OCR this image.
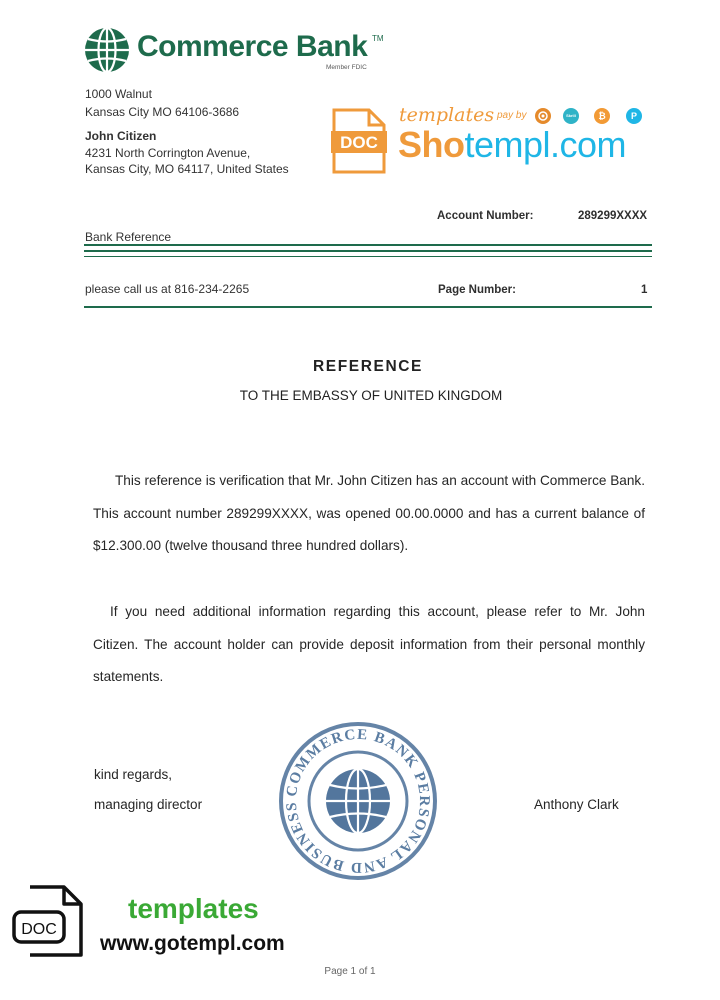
Commerce Bank TM
Member FDIC
1000 Walnut
Kansas City MO 64106-3686
John Citizen
4231 North Corrington Avenue,
Kansas City, MO 64117, United States
DOC
templates pay by	Skrill	₿	P
Shotempl.com
Account Number:	289299XXXX
Bank Reference
please call us at 816-234-2265	Page Number:	1
REFERENCE
TO THE EMBASSY OF UNITED KINGDOM
This reference is verification that Mr. John Citizen has an account with Commerce Bank. This account number 289299XXXX, was opened 00.00.0000 and has a current balance of $12.300.00 (twelve thousand three hundred dollars).
If you need additional information regarding this account, please refer to Mr. John Citizen. The account holder can provide deposit information from their personal monthly statements.
kind regards,
managing director	Anthony Clark
COMMERCE BANK PERSONAL AND BUSINESS
DOC
templates
www.gotempl.com
Page 1 of 1
